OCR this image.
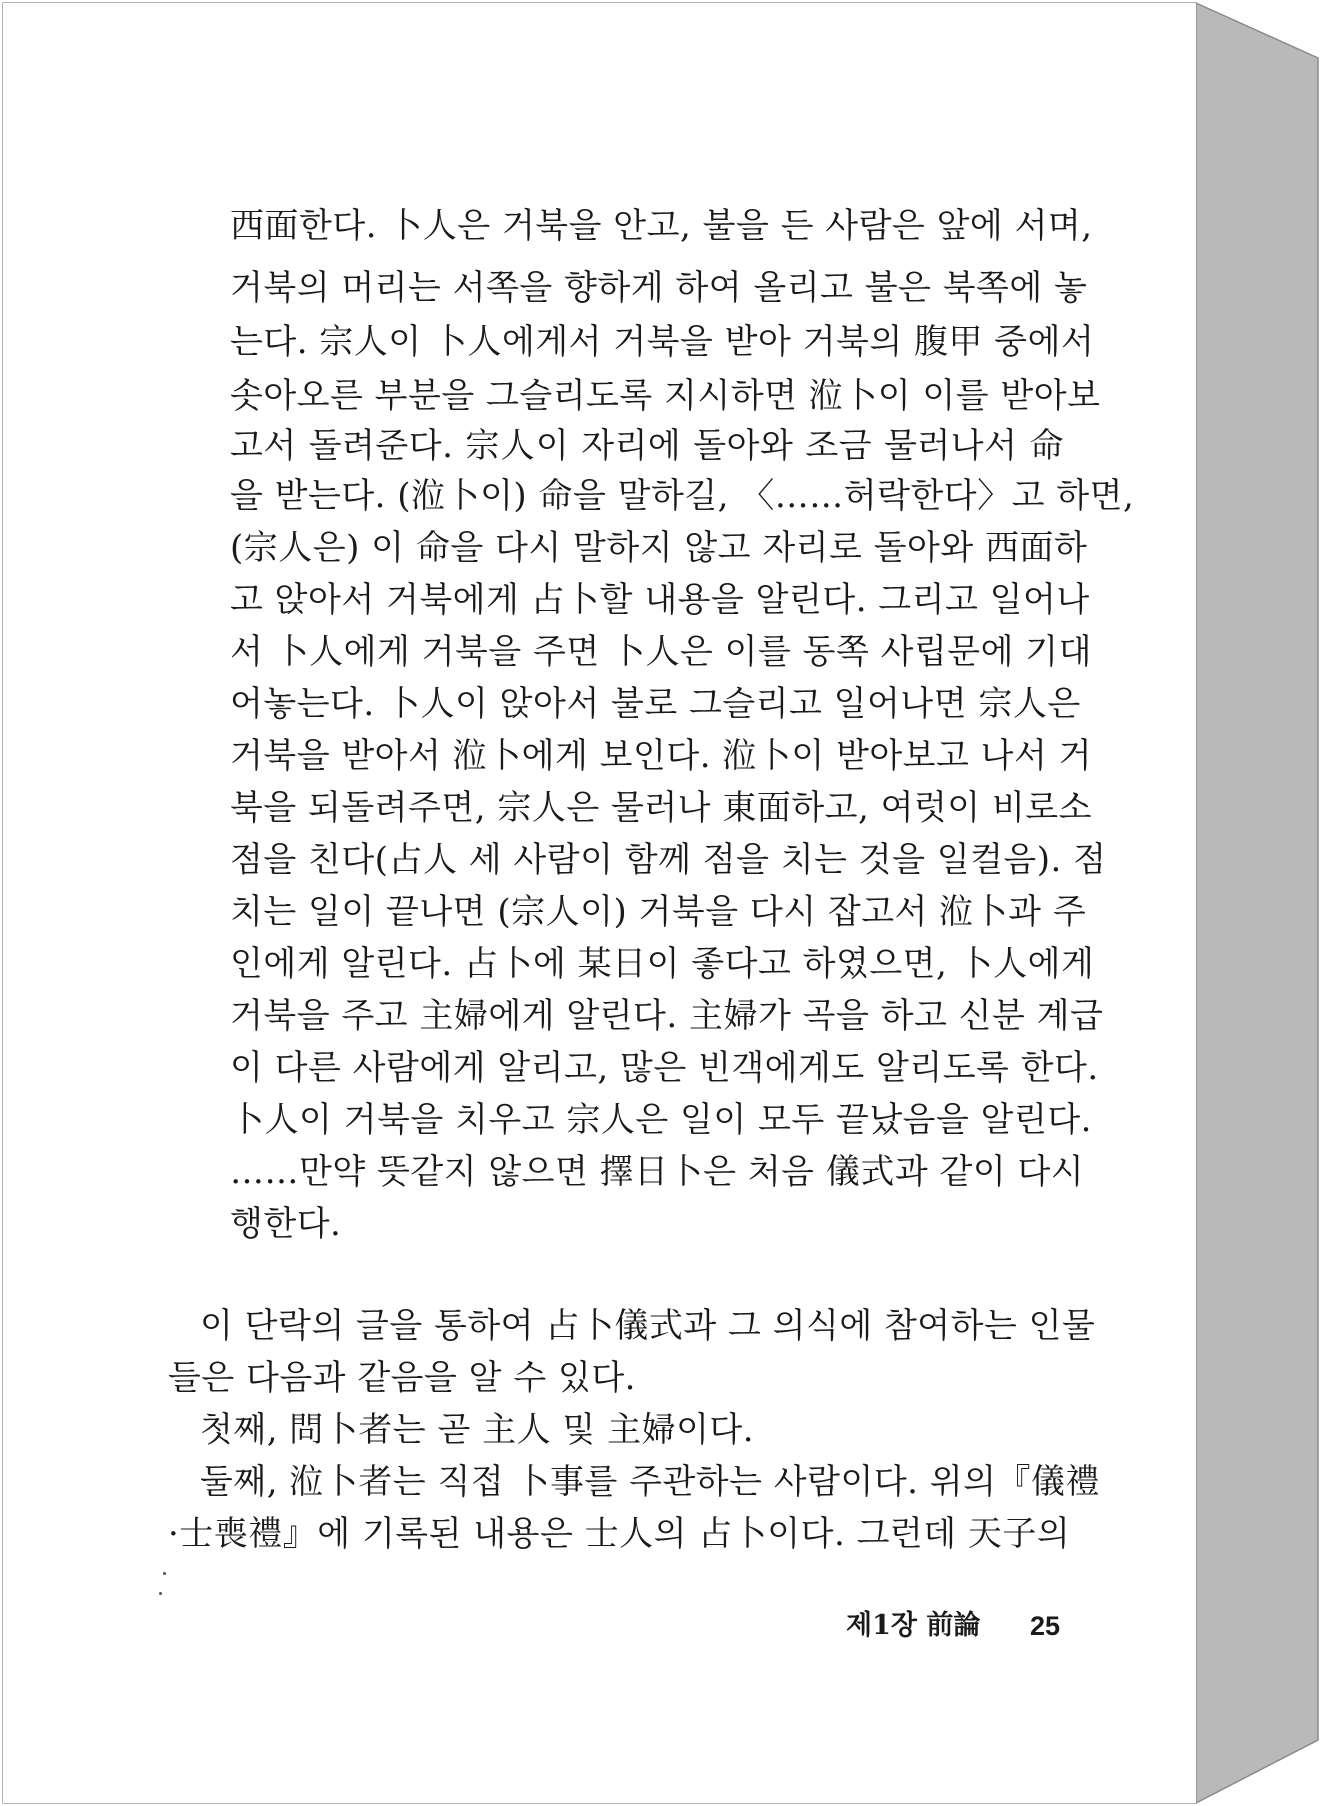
西面한다. 卜人은 거북을 안고, 불을 든 사람은 앞에 서며,
거북의 머리는 서쪽을 향하게 하여 올리고 불은 북쪽에 놓
는다. 宗人이 卜人에게서 거북을 받아 거북의 腹甲 중에서
솟아오른 부분을 그슬리도록 지시하면 涖卜이 이를 받아보
고서 돌려준다. 宗人이 자리에 돌아와 조금 물러나서 命
을 받는다. (涖卜이) 命을 말하길, 〈……허락한다〉고 하면,
(宗人은) 이 命을 다시 말하지 않고 자리로 돌아와 西面하
고 앉아서 거북에게 占卜할 내용을 알린다. 그리고 일어나
서 卜人에게 거북을 주면 卜人은 이를 동쪽 사립문에 기대
어놓는다. 卜人이 앉아서 불로 그슬리고 일어나면 宗人은
거북을 받아서 涖卜에게 보인다. 涖卜이 받아보고 나서 거
북을 되돌려주면, 宗人은 물러나 東面하고, 여럿이 비로소
점을 친다(占人 세 사람이 함께 점을 치는 것을 일컬음). 점
치는 일이 끝나면 (宗人이) 거북을 다시 잡고서 涖卜과 주
인에게 알린다. 占卜에 某日이 좋다고 하였으면, 卜人에게
거북을 주고 主婦에게 알린다. 主婦가 곡을 하고 신분 계급
이 다른 사람에게 알리고, 많은 빈객에게도 알리도록 한다.
卜人이 거북을 치우고 宗人은 일이 모두 끝났음을 알린다.
……만약 뜻같지 않으면 擇日卜은 처음 儀式과 같이 다시
행한다.
이 단락의 글을 통하여 占卜儀式과 그 의식에 참여하는 인물
들은 다음과 같음을 알 수 있다.
첫째, 問卜者는 곧 主人 및 主婦이다.
둘째, 涖卜者는 직접 卜事를 주관하는 사람이다. 위의『儀禮
·士喪禮』에 기록된 내용은 士人의 占卜이다. 그런데 天子의
제1장 前論 25
